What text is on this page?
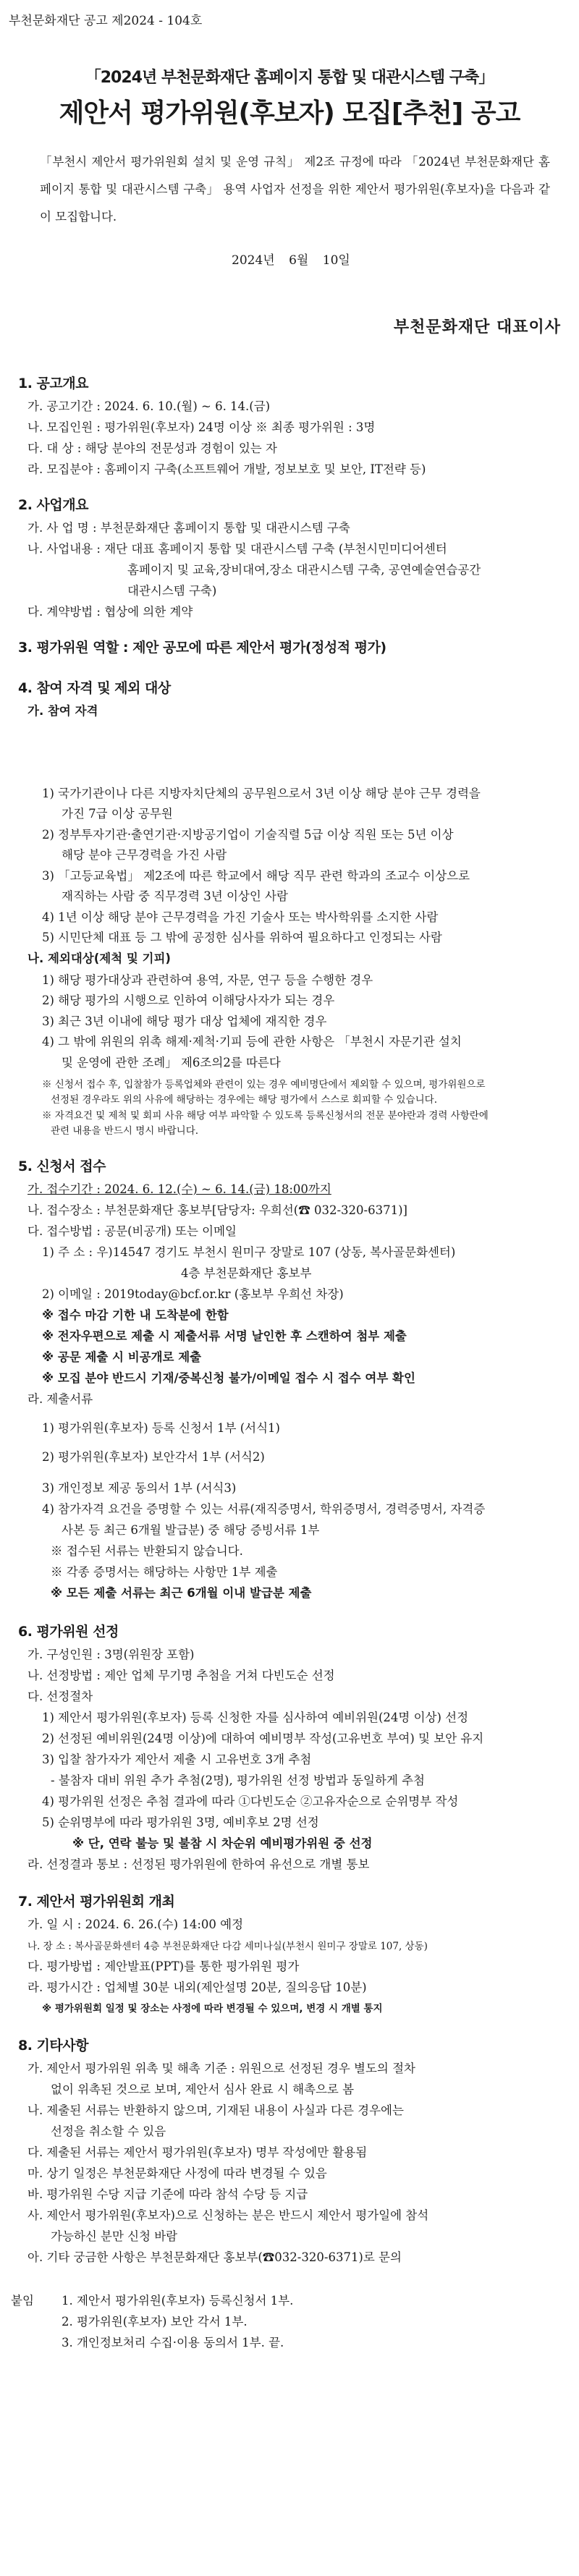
부천문화재단 공고 제2024 - 104호
「2024년 부천문화재단 홈페이지 통합 및 대관시스템 구축」
제안서 평가위원(후보자) 모집[추천] 공고
「부천시 제안서 평가위원회 설치 및 운영 규칙」 제2조 규정에 따라 「2024년 부천문화재단 홈페이지 통합 및 대관시스템 구축」 용역 사업자 선정을 위한 제안서 평가위원(후보자)을 다음과 같이 모집합니다.
2024년 6월 10일
부천문화재단 대표이사
1. 공고개요
가. 공고기간 : 2024. 6. 10.(월) ~ 6. 14.(금)
나. 모집인원 : 평가위원(후보자) 24명 이상 ※ 최종 평가위원 : 3명
다. 대 상 : 해당 분야의 전문성과 경험이 있는 자
라. 모집분야 : 홈페이지 구축(소프트웨어 개발, 정보보호 및 보안, IT전략 등)
2. 사업개요
가. 사 업 명 : 부천문화재단 홈페이지 통합 및 대관시스템 구축
나. 사업내용 : 재단 대표 홈페이지 통합 및 대관시스템 구축 (부천시민미디어센터
홈페이지 및 교육,장비대여,장소 대관시스템 구축, 공연예술연습공간
대관시스템 구축)
다. 계약방법 : 협상에 의한 계약
3. 평가위원 역할 : 제안 공모에 따른 제안서 평가(정성적 평가)
4. 참여 자격 및 제외 대상
가. 참여 자격
1) 국가기관이나 다른 지방자치단체의 공무원으로서 3년 이상 해당 분야 근무 경력을
가진 7급 이상 공무원
2) 정부투자기관·출연기관·지방공기업이 기술직렬 5급 이상 직원 또는 5년 이상
해당 분야 근무경력을 가진 사람
3) 「고등교육법」 제2조에 따른 학교에서 해당 직무 관련 학과의 조교수 이상으로
재직하는 사람 중 직무경력 3년 이상인 사람
4) 1년 이상 해당 분야 근무경력을 가진 기술사 또는 박사학위를 소지한 사람
5) 시민단체 대표 등 그 밖에 공정한 심사를 위하여 필요하다고 인정되는 사람
나. 제외대상(제척 및 기피)
1) 해당 평가대상과 관련하여 용역, 자문, 연구 등을 수행한 경우
2) 해당 평가의 시행으로 인하여 이해당사자가 되는 경우
3) 최근 3년 이내에 해당 평가 대상 업체에 재직한 경우
4) 그 밖에 위원의 위촉 해제·제척·기피 등에 관한 사항은 「부천시 자문기관 설치
및 운영에 관한 조례」 제6조의2를 따른다
※ 신청서 접수 후, 입찰참가 등록업체와 관련이 있는 경우 예비명단에서 제외할 수 있으며, 평가위원으로
선정된 경우라도 위의 사유에 해당하는 경우에는 해당 평가에서 스스로 회피할 수 있습니다.
※ 자격요건 및 제척 및 회피 사유 해당 여부 파악할 수 있도록 등록신청서의 전문 분야란과 경력 사항란에
관련 내용을 반드시 명시 바랍니다.
5. 신청서 접수
가. 접수기간 : 2024. 6. 12.(수) ~ 6. 14.(금) 18:00까지
나. 접수장소 : 부천문화재단 홍보부[담당자: 우희선(☎ 032-320-6371)]
다. 접수방법 : 공문(비공개) 또는 이메일
1) 주 소 : 우)14547 경기도 부천시 원미구 장말로 107 (상동, 복사골문화센터)
4층 부천문화재단 홍보부
2) 이메일 : 2019today@bcf.or.kr (홍보부 우희선 차장)
※ 접수 마감 기한 내 도착분에 한함
※ 전자우편으로 제출 시 제출서류 서명 날인한 후 스캔하여 첨부 제출
※ 공문 제출 시 비공개로 제출
※ 모집 분야 반드시 기재/중복신청 불가/이메일 접수 시 접수 여부 확인
라. 제출서류
1) 평가위원(후보자) 등록 신청서 1부 (서식1)
2) 평가위원(후보자) 보안각서 1부 (서식2)
3) 개인정보 제공 동의서 1부 (서식3)
4) 참가자격 요건을 증명할 수 있는 서류(재직증명서, 학위증명서, 경력증명서, 자격증
사본 등 최근 6개월 발급분) 중 해당 증빙서류 1부
※ 접수된 서류는 반환되지 않습니다.
※ 각종 증명서는 해당하는 사항만 1부 제출
※ 모든 제출 서류는 최근 6개월 이내 발급분 제출
6. 평가위원 선정
가. 구성인원 : 3명(위원장 포함)
나. 선정방법 : 제안 업체 무기명 추첨을 거쳐 다빈도순 선정
다. 선정절차
1) 제안서 평가위원(후보자) 등록 신청한 자를 심사하여 예비위원(24명 이상) 선정
2) 선정된 예비위원(24명 이상)에 대하여 예비명부 작성(고유번호 부여) 및 보안 유지
3) 입찰 참가자가 제안서 제출 시 고유번호 3개 추첨
- 불참자 대비 위원 추가 추첨(2명), 평가위원 선정 방법과 동일하게 추첨
4) 평가위원 선정은 추첨 결과에 따라 ①다빈도순 ②고유자순으로 순위명부 작성
5) 순위명부에 따라 평가위원 3명, 예비후보 2명 선정
※ 단, 연락 불능 및 불참 시 차순위 예비평가위원 중 선정
라. 선정결과 통보 : 선정된 평가위원에 한하여 유선으로 개별 통보
7. 제안서 평가위원회 개최
가. 일 시 : 2024. 6. 26.(수) 14:00 예정
나. 장 소 : 복사골문화센터 4층 부천문화재단 다감 세미나실(부천시 원미구 장말로 107, 상동)
다. 평가방법 : 제안발표(PPT)를 통한 평가위원 평가
라. 평가시간 : 업체별 30분 내외(제안설명 20분, 질의응답 10분)
※ 평가위원회 일정 및 장소는 사정에 따라 변경될 수 있으며, 변경 시 개별 통지
8. 기타사항
가. 제안서 평가위원 위촉 및 해촉 기준 : 위원으로 선정된 경우 별도의 절차
없이 위촉된 것으로 보며, 제안서 심사 완료 시 해촉으로 봄
나. 제출된 서류는 반환하지 않으며, 기재된 내용이 사실과 다른 경우에는
선정을 취소할 수 있음
다. 제출된 서류는 제안서 평가위원(후보자) 명부 작성에만 활용됨
마. 상기 일정은 부천문화재단 사정에 따라 변경될 수 있음
바. 평가위원 수당 지급 기준에 따라 참석 수당 등 지급
사. 제안서 평가위원(후보자)으로 신청하는 분은 반드시 제안서 평가일에 참석
가능하신 분만 신청 바람
아. 기타 궁금한 사항은 부천문화재단 홍보부(☎032-320-6371)로 문의
붙임 1. 제안서 평가위원(후보자) 등록신청서 1부.
2. 평가위원(후보자) 보안 각서 1부.
3. 개인정보처리 수집·이용 동의서 1부. 끝.
